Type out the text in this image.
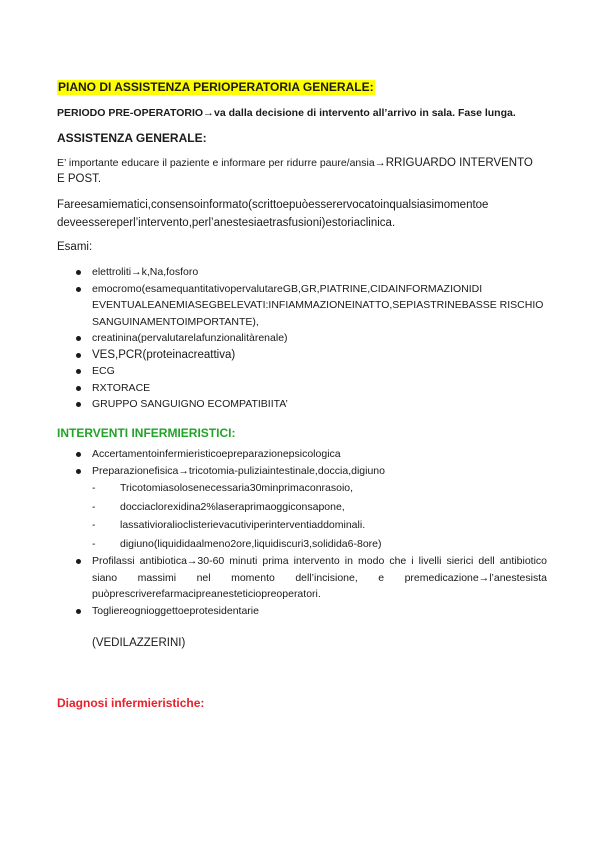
PIANO DI ASSISTENZA PERIOPERATORIA GENERALE:
PERIODO PRE-OPERATORIO→va dalla decisione di intervento all’arrivo in sala. Fase lunga.
ASSISTENZA GENERALE:
E’ importante educare il paziente e informare per ridurre paure/ansia→RRIGUARDO INTERVENTO
E POST.
Fareesamiematici,consensoinformato(scrittoepuòesserervocatoinqualsiasimomentoe deveessereperl’intervento,perl’anestesiaetrasfusioni)estoriaclinica.
Esami:
elettroliti→k,Na,fosforo
emocromo(esamequantitativopervalutareGB,GR,PIATRINE,CIDAINFORMAZIONIDI EVENTUALEANEMIASEGBELEVATI:INFIAMMAZIONEINATTO,SEPIASTRINEBASSE RISCHIO SANGUINAMENTOIMPORTANTE),
creatinina(pervalutarelafunzionalitàrenale)
VES,PCR(proteinacreattiva)
ECG
RXTORACE
GRUPPO SANGUIGNO ECOMPATIBIITA’
INTERVENTI INFERMIERISTICI:
Accertamentoinfermieristicoepreparazionepsicologica
Preparazionefisica→tricotomia-puliziaintestinale,doccia,digiuno
-	Tricotomiasolosenecessaria30minprimaconrasoio,
-	docciaclorexidina2%laseraprimaoggiconsapone,
-	lassativioralioclisterievacutiviperinterventiaddominali.
-	digiuno(liquididaalmeno2ore,liquidiscuri3,solidida6-8ore)
Profilassi antibiotica→30-60 minuti prima intervento in modo che i livelli sierici dell antibiotico siano massimi nel momento dell’incisione, e premedicazione→l’anestesista puòprescriverefarmacipreanesteticiopreoperatori.
Togliereognioggettoeprotesidentarie
(VEDILAZZERINI)
Diagnosi infermieristiche:
